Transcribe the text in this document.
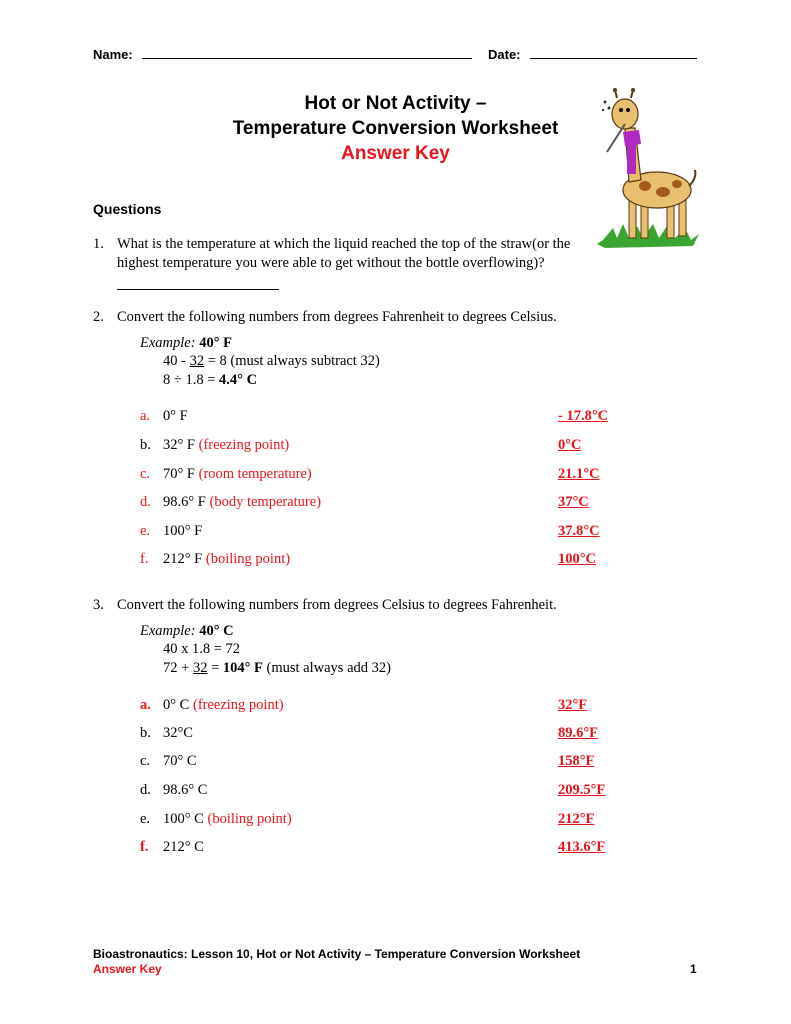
Name:	Date:
Hot or Not Activity –
Temperature Conversion Worksheet
Answer Key
Questions
1. What is the temperature at which the liquid reached the top of the straw(or the
highest temperature you were able to get without the bottle overflowing)?
2. Convert the following numbers from degrees Fahrenheit to degrees Celsius.
Example: 40° F
40 - 32 = 8 (must always subtract 32)
8 ÷ 1.8 = 4.4° C
a. 0° F	- 17.8°C
b. 32° F (freezing point)	0°C
c. 70° F (room temperature)	21.1°C
d. 98.6° F (body temperature)	37°C
e. 100° F	37.8°C
f. 212° F (boiling point)	100°C
3. Convert the following numbers from degrees Celsius to degrees Fahrenheit.
Example: 40° C
40 x 1.8 = 72
72 + 32 = 104° F (must always add 32)
a. 0° C (freezing point)	32°F
b. 32°C	89.6°F
c. 70° C	158°F
d. 98.6° C	209.5°F
e. 100° C (boiling point)	212°F
f. 212° C	413.6°F
Bioastronautics: Lesson 10, Hot or Not Activity – Temperature Conversion Worksheet
Answer Key	1
